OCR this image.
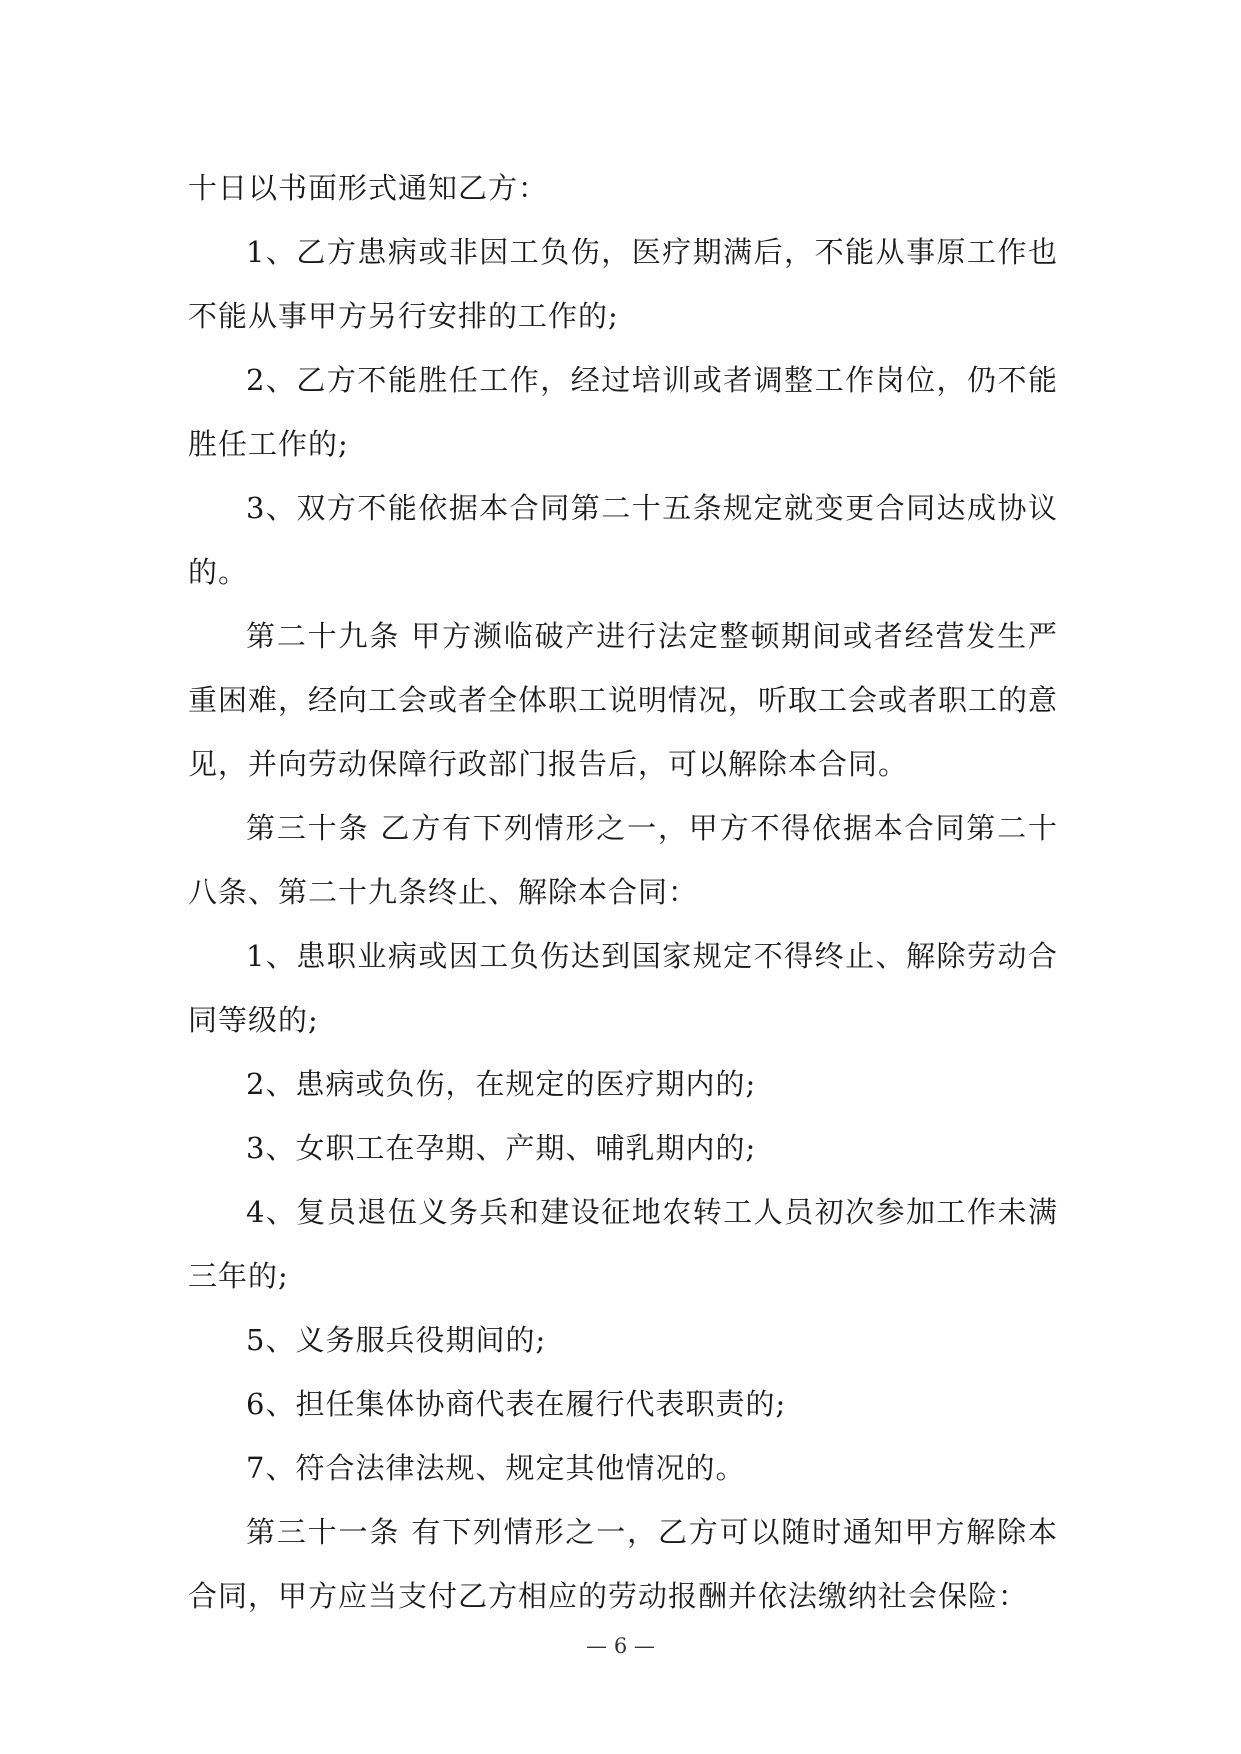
十日以书面形式通知乙方：

1、乙方患病或非因工负伤，医疗期满后，不能从事原工作也不能从事甲方另行安排的工作的;

2、乙方不能胜任工作，经过培训或者调整工作岗位，仍不能胜任工作的;

3、双方不能依据本合同第二十五条规定就变更合同达成协议的。

第二十九条 甲方濒临破产进行法定整顿期间或者经营发生严重困难，经向工会或者全体职工说明情况，听取工会或者职工的意见，并向劳动保障行政部门报告后，可以解除本合同。

第三十条 乙方有下列情形之一，甲方不得依据本合同第二十八条、第二十九条终止、解除本合同：

1、患职业病或因工负伤达到国家规定不得终止、解除劳动合同等级的;

2、患病或负伤，在规定的医疗期内的;

3、女职工在孕期、产期、哺乳期内的;

4、复员退伍义务兵和建设征地农转工人员初次参加工作未满三年的;

5、义务服兵役期间的;

6、担任集体协商代表在履行代表职责的;

7、符合法律法规、规定其他情况的。

第三十一条 有下列情形之一，乙方可以随时通知甲方解除本合同，甲方应当支付乙方相应的劳动报酬并依法缴纳社会保险：

— 6 —
